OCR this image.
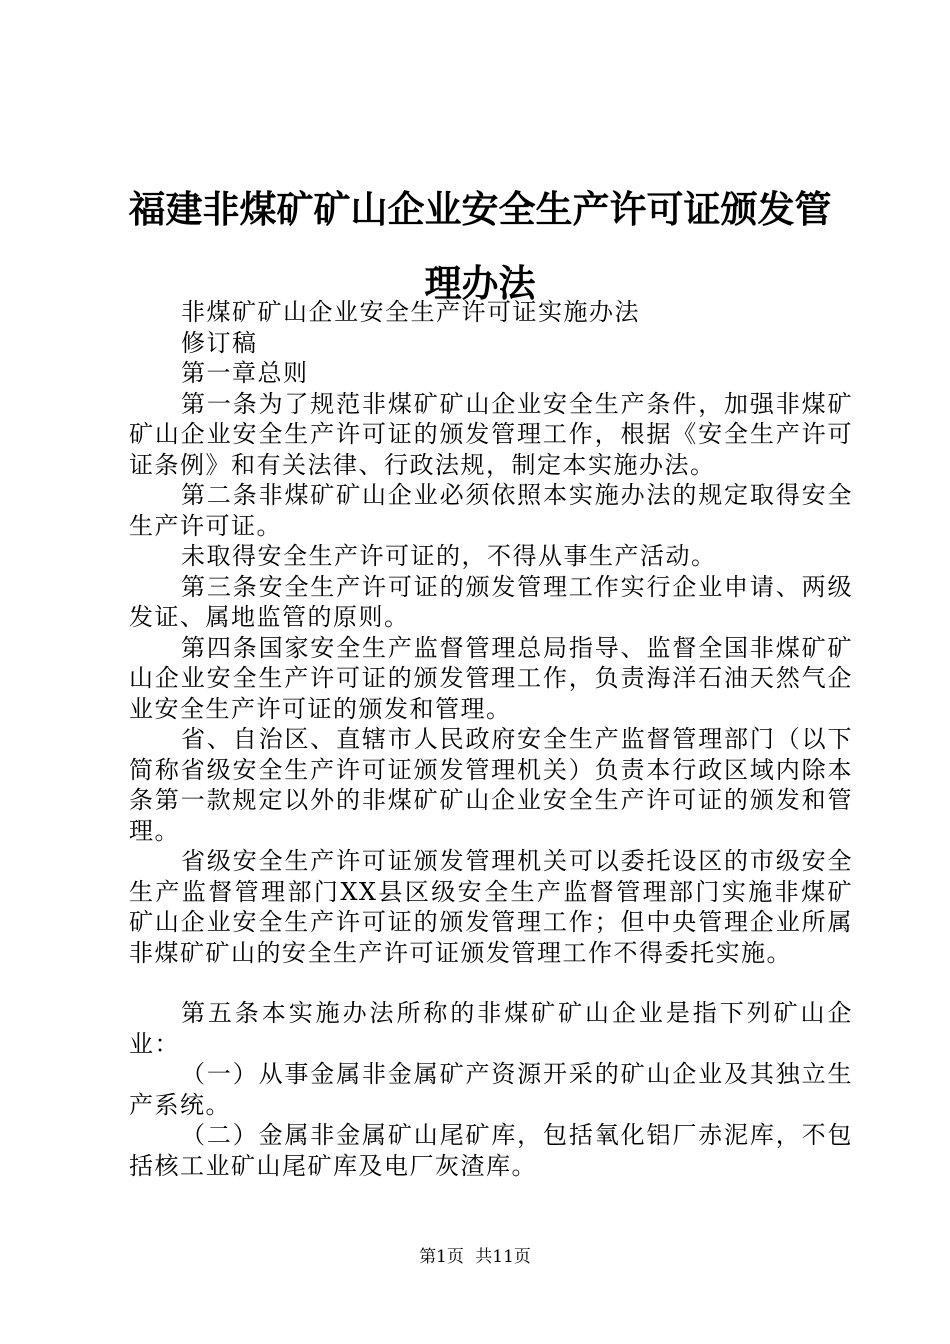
福建非煤矿矿山企业安全生产许可证颁发管理办法

非煤矿矿山企业安全生产许可证实施办法

修订稿

第一章总则

第一条为了规范非煤矿矿山企业安全生产条件，加强非煤矿矿山企业安全生产许可证的颁发管理工作，根据《安全生产许可证条例》和有关法律、行政法规，制定本实施办法。

第二条非煤矿矿山企业必须依照本实施办法的规定取得安全生产许可证。

未取得安全生产许可证的，不得从事生产活动。

第三条安全生产许可证的颁发管理工作实行企业申请、两级发证、属地监管的原则。

第四条国家安全生产监督管理总局指导、监督全国非煤矿矿山企业安全生产许可证的颁发管理工作，负责海洋石油天然气企业安全生产许可证的颁发和管理。

省、自治区、直辖市人民政府安全生产监督管理部门（以下简称省级安全生产许可证颁发管理机关）负责本行政区域内除本条第一款规定以外的非煤矿矿山企业安全生产许可证的颁发和管理。

省级安全生产许可证颁发管理机关可以委托设区的市级安全生产监督管理部门XX县区级安全生产监督管理部门实施非煤矿矿山企业安全生产许可证的颁发管理工作；但中央管理企业所属非煤矿矿山的安全生产许可证颁发管理工作不得委托实施。

第五条本实施办法所称的非煤矿矿山企业是指下列矿山企业：

（一）从事金属非金属矿产资源开采的矿山企业及其独立生产系统。

（二）金属非金属矿山尾矿库，包括氧化铝厂赤泥库，不包括核工业矿山尾矿库及电厂灰渣库。

第1页 共11页
